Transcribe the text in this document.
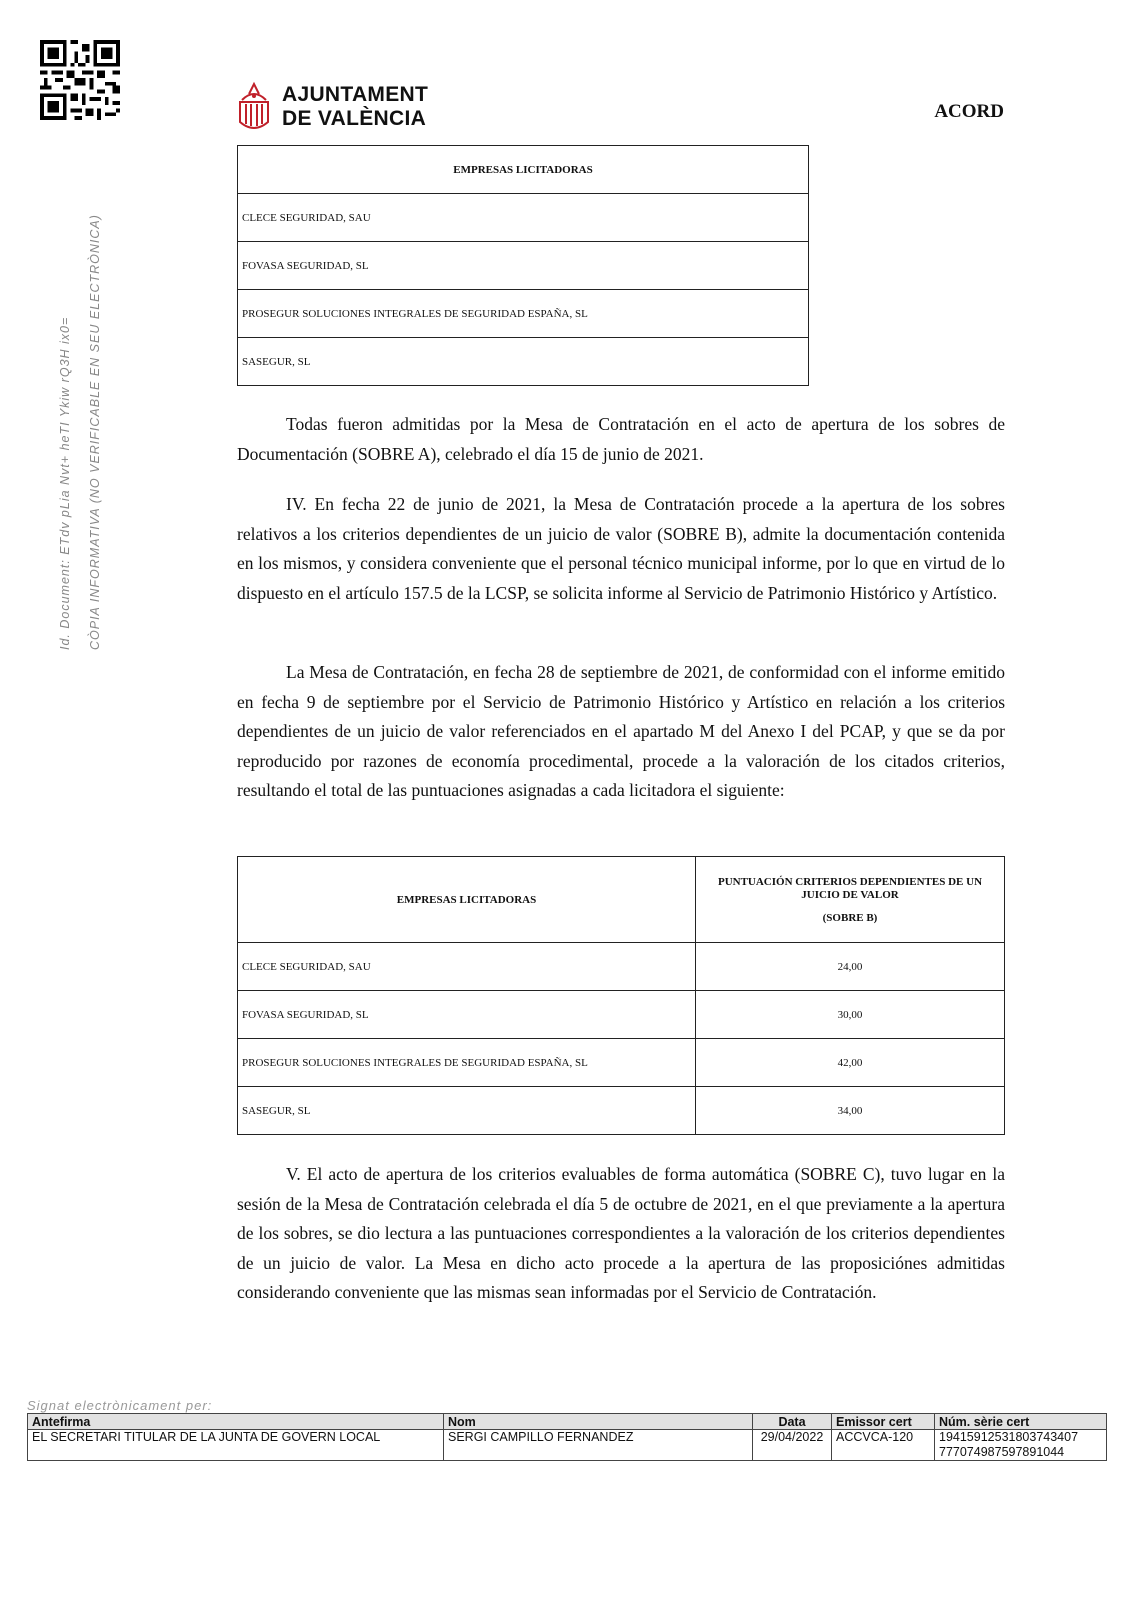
AJUNTAMENT
DE VALÈNCIA	ACORD
Id. Document: ETdv pLia Nvt+ heTI Ykiw rQ3H ix0=	CÒPIA INFORMATIVA (NO VERIFICABLE EN SEU ELECTRÒNICA)
EMPRESAS LICITADORAS
CLECE SEGURIDAD, SAU
FOVASA SEGURIDAD, SL
PROSEGUR SOLUCIONES INTEGRALES DE SEGURIDAD ESPAÑA, SL
SASEGUR, SL

Todas fueron admitidas por la Mesa de Contratación en el acto de apertura de los sobres de Documentación (SOBRE A), celebrado el día 15 de junio de 2021.

IV. En fecha 22 de junio de 2021, la Mesa de Contratación procede a la apertura de los sobres relativos a los criterios dependientes de un juicio de valor (SOBRE B), admite la documentación contenida en los mismos, y considera conveniente que el personal técnico municipal informe, por lo que en virtud de lo dispuesto en el artículo 157.5 de la LCSP, se solicita informe al Servicio de Patrimonio Histórico y Artístico.

La Mesa de Contratación, en fecha 28 de septiembre de 2021, de conformidad con el informe emitido en fecha 9 de septiembre por el Servicio de Patrimonio Histórico y Artístico en relación a los criterios dependientes de un juicio de valor referenciados en el apartado M del Anexo I del PCAP, y que se da por reproducido por razones de economía procedimental, procede a la valoración de los citados criterios, resultando el total de las puntuaciones asignadas a cada licitadora el siguiente:

EMPRESAS LICITADORAS	PUNTUACIÓN CRITERIOS DEPENDIENTES DE UN JUICIO DE VALOR
(SOBRE B)

CLECE SEGURIDAD, SAU	24,00
FOVASA SEGURIDAD, SL	30,00
PROSEGUR SOLUCIONES INTEGRALES DE SEGURIDAD ESPAÑA, SL	42,00
SASEGUR, SL	34,00

V. El acto de apertura de los criterios evaluables de forma automática (SOBRE C), tuvo lugar en la sesión de la Mesa de Contratación celebrada el día 5 de octubre de 2021, en el que previamente a la apertura de los sobres, se dio lectura a las puntuaciones correspondientes a la valoración de los criterios dependientes de un juicio de valor. La Mesa en dicho acto procede a la apertura de las proposiciónes admitidas considerando conveniente que las mismas sean informadas por el Servicio de Contratación.

Signat electrònicament per:
Antefirma	Nom	Data	Emissor cert	Núm. sèrie cert
EL SECRETARI TITULAR DE LA JUNTA DE GOVERN LOCAL	SERGI CAMPILLO FERNANDEZ	29/04/2022	ACCVCA-120	1941591253180374340​7
777074987597891044
